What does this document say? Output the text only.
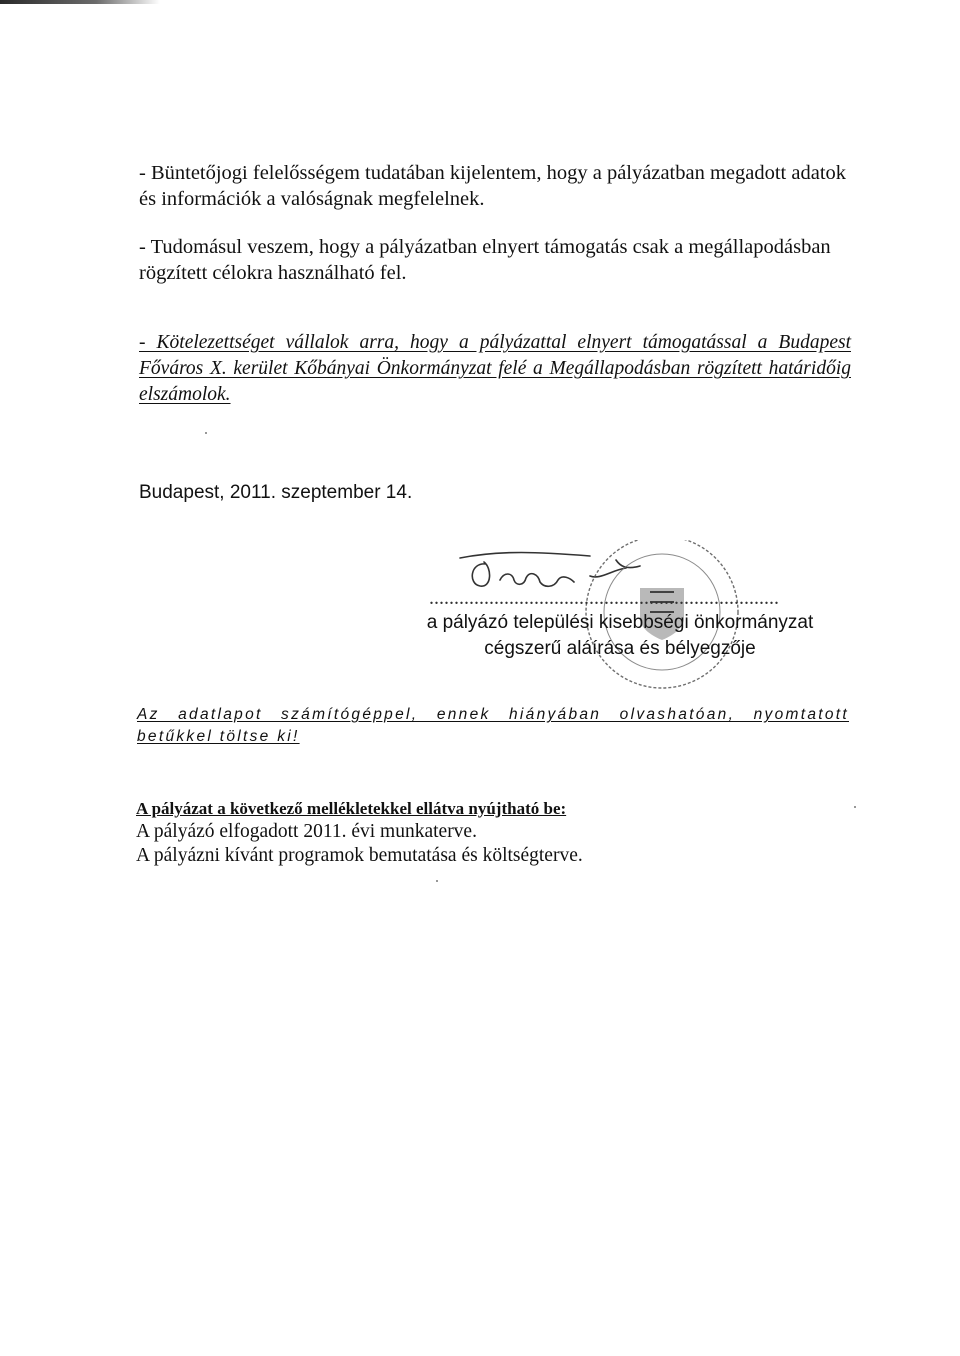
- Büntetőjogi felelősségem tudatában kijelentem, hogy a pályázatban megadott adatok és információk a valóságnak megfelelnek.
- Tudomásul veszem, hogy a pályázatban elnyert támogatás csak a megállapodásban rögzített célokra használható fel.
- Kötelezettséget vállalok arra, hogy a pályázattal elnyert támogatással a Budapest Főváros X. kerület Kőbányai Önkormányzat felé a Megállapodásban rögzített határidőig elszámolok.
Budapest, 2011. szeptember 14.
......................................................................
a pályázó települési kisebbségi önkormányzat
cégszerű aláírása és bélyegzője
Az adatlapot számítógéppel, ennek hiányában olvashatóan, nyomtatott betűkkel töltse ki!
A pályázat a következő mellékletekkel ellátva nyújtható be:
A pályázó elfogadott 2011. évi munkaterve.
A pályázni kívánt programok bemutatása és költségterve.
